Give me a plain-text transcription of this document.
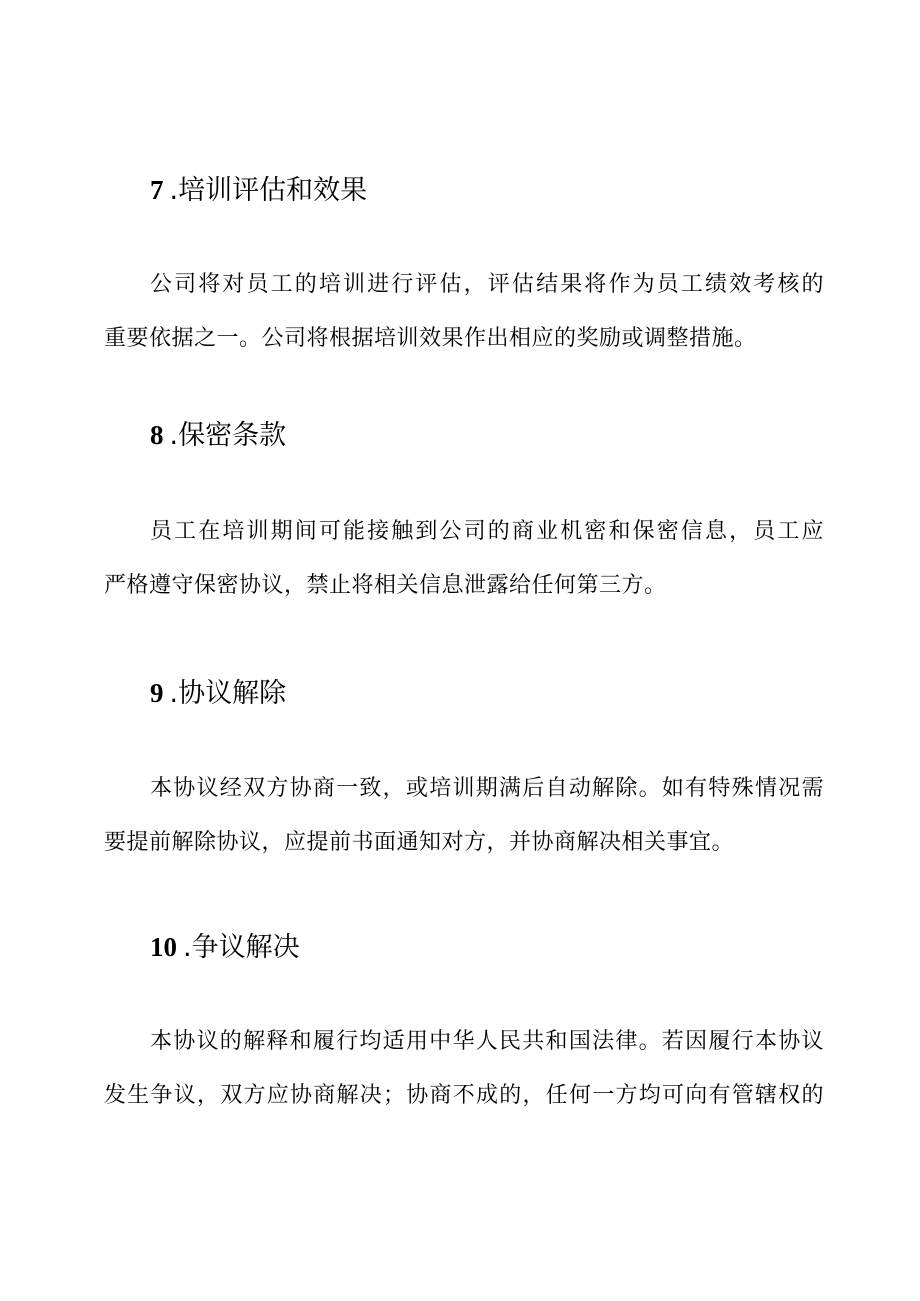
7 .培训评估和效果

公司将对员工的培训进行评估，评估结果将作为员工绩效考核的
重要依据之一。公司将根据培训效果作出相应的奖励或调整措施。

8 .保密条款

员工在培训期间可能接触到公司的商业机密和保密信息，员工应
严格遵守保密协议，禁止将相关信息泄露给任何第三方。

9 .协议解除

本协议经双方协商一致，或培训期满后自动解除。如有特殊情况需
要提前解除协议，应提前书面通知对方，并协商解决相关事宜。

10 .争议解决

本协议的解释和履行均适用中华人民共和国法律。若因履行本协议
发生争议，双方应协商解决；协商不成的，任何一方均可向有管辖权的
